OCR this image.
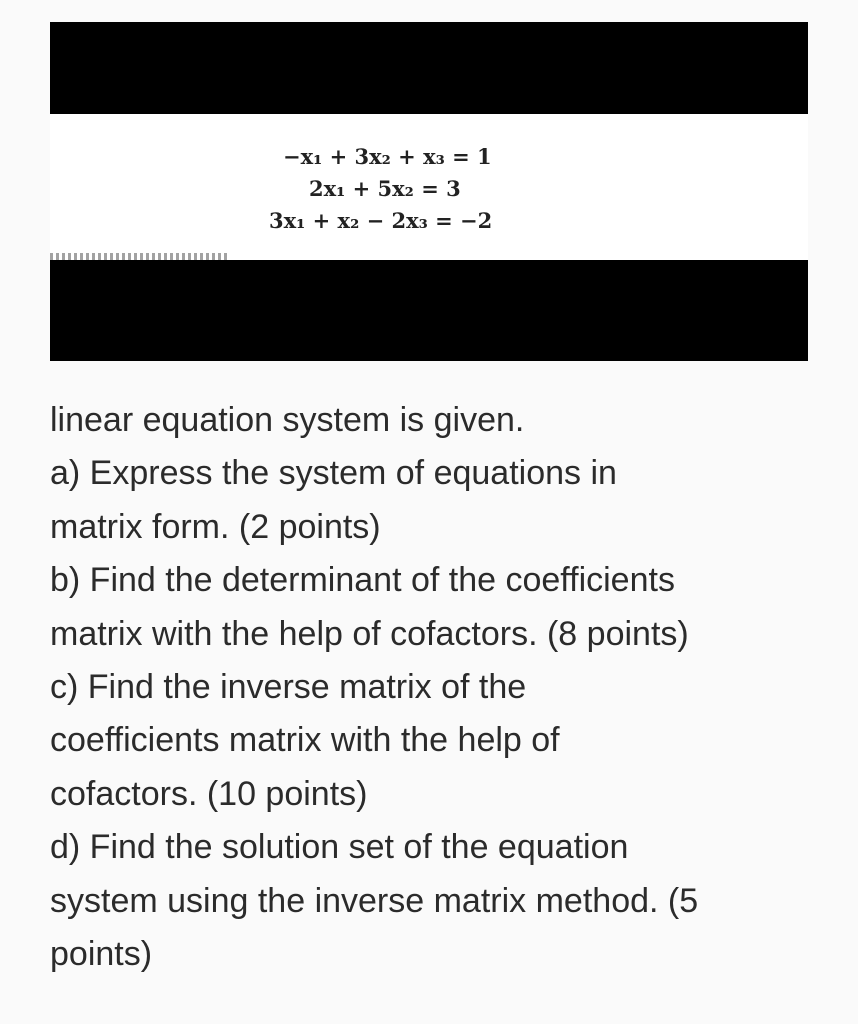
−x₁ + 3x₂ + x₃ = 1
2x₁ + 5x₂ = 3
3x₁ + x₂ − 2x₃ = −2

linear equation system is given.
a) Express the system of equations in
matrix form. (2 points)
b) Find the determinant of the coefficients
matrix with the help of cofactors. (8 points)
c) Find the inverse matrix of the
coefficients matrix with the help of
cofactors. (10 points)
d) Find the solution set of the equation
system using the inverse matrix method. (5
points)
